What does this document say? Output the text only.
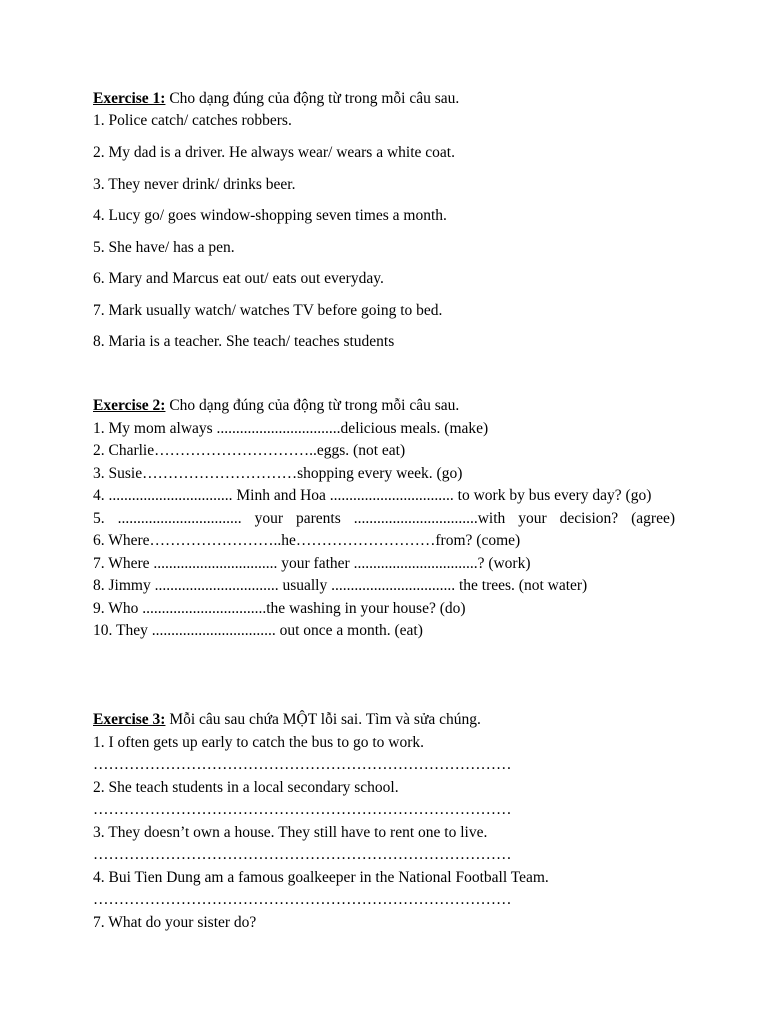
Exercise 1: Cho dạng đúng của động từ trong mỗi câu sau.
1. Police catch/ catches robbers.
2. My dad is a driver. He always wear/ wears a white coat.
3. They never drink/ drinks beer.
4. Lucy go/ goes window-shopping seven times a month.
5. She have/ has a pen.
6. Mary and Marcus eat out/ eats out everyday.
7. Mark usually watch/ watches TV before going to bed.
8. Maria is a teacher. She teach/ teaches students
Exercise 2: Cho dạng đúng của động từ trong mỗi câu sau.
1. My mom always ................................delicious meals. (make)
2. Charlie…………………………..eggs. (not eat)
3. Susie…………………………shopping every week. (go)
4. ................................ Minh and Hoa ................................ to work by bus every day? (go)
5. ................................ your parents ................................with your decision? (agree)
6. Where……………………..he………………………from? (come)
7. Where ................................ your father ................................? (work)
8. Jimmy ................................ usually ................................ the trees. (not water)
9. Who ................................the washing in your house? (do)
10. They ................................ out once a month. (eat)
Exercise 3: Mỗi câu sau chứa MỘT lỗi sai. Tìm và sửa chúng.
1. I often gets up early to catch the bus to go to work.
………………………………………………………………………
2. She teach students in a local secondary school.
………………………………………………………………………
3. They doesn’t own a house. They still have to rent one to live.
………………………………………………………………………
4. Bui Tien Dung am a famous goalkeeper in the National Football Team.
………………………………………………………………………
7. What do your sister do?
